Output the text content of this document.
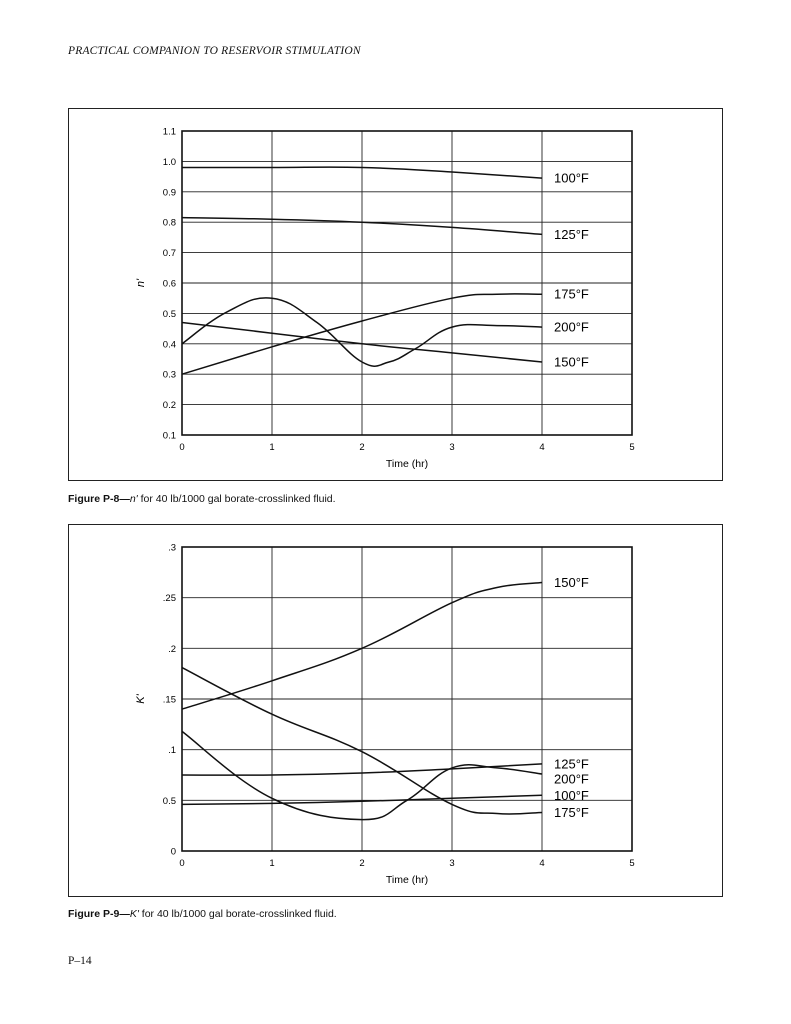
PRACTICAL COMPANION TO RESERVOIR STIMULATION
0	1	2	3	4	5
0.1
0.2
0.3
0.4
0.5
0.6
0.7
0.8
0.9
1.0
1.1
Time (hr)
n'
100°F
125°F
175°F
200°F
150°F
Figure P-8—n' for 40 lb/1000 gal borate-crosslinked fluid.
0	1	2	3	4	5
0
0.5
.1
.15
.2
.25
.3
Time (hr)
K'
150°F
125°F
200°F
100°F
175°F
Figure P-9—K' for 40 lb/1000 gal borate-crosslinked fluid.
P–14
